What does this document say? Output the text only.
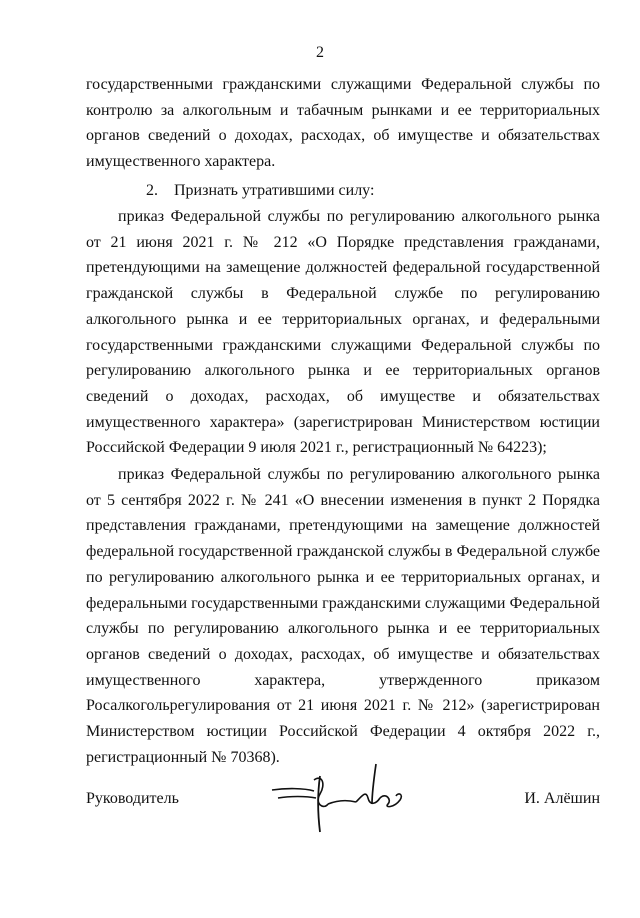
2
государственными гражданскими служащими Федеральной службы по контролю за алкогольным и табачным рынками и ее территориальных органов сведений о доходах, расходах, об имуществе и обязательствах имущественного характера.
2. Признать утратившими силу:
приказ Федеральной службы по регулированию алкогольного рынка от 21 июня 2021 г. № 212 «О Порядке представления гражданами, претендующими на замещение должностей федеральной государственной гражданской службы в Федеральной службе по регулированию алкогольного рынка и ее территориальных органах, и федеральными государственными гражданскими служащими Федеральной службы по регулированию алкогольного рынка и ее территориальных органов сведений о доходах, расходах, об имуществе и обязательствах имущественного характера» (зарегистрирован Министерством юстиции Российской Федерации 9 июля 2021 г., регистрационный № 64223);
приказ Федеральной службы по регулированию алкогольного рынка от 5 сентября 2022 г. № 241 «О внесении изменения в пункт 2 Порядка представления гражданами, претендующими на замещение должностей федеральной государственной гражданской службы в Федеральной службе по регулированию алкогольного рынка и ее территориальных органах, и федеральными государственными гражданскими служащими Федеральной службы по регулированию алкогольного рынка и ее территориальных органов сведений о доходах, расходах, об имуществе и обязательствах имущественного характера, утвержденного приказом Росалкогольрегулирования от 21 июня 2021 г. № 212» (зарегистрирован Министерством юстиции Российской Федерации 4 октября 2022 г., регистрационный № 70368).
Руководитель	И. Алёшин
